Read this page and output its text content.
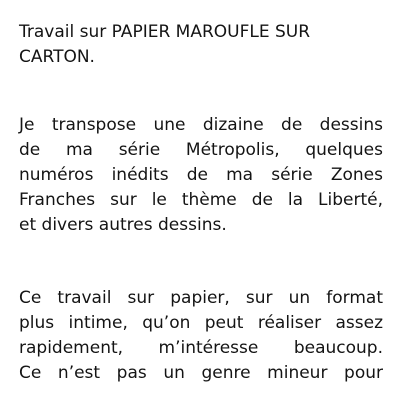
Travail sur PAPIER MAROUFLE SUR
CARTON.
Je transpose une dizaine de dessins
de ma série Métropolis, quelques
numéros inédits de ma série Zones
Franches sur le thème de la Liberté,
et divers autres dessins.
Ce travail sur papier, sur un format
plus intime, qu’on peut réaliser assez
rapidement, m’intéresse beaucoup.
Ce n’est pas un genre mineur pour
